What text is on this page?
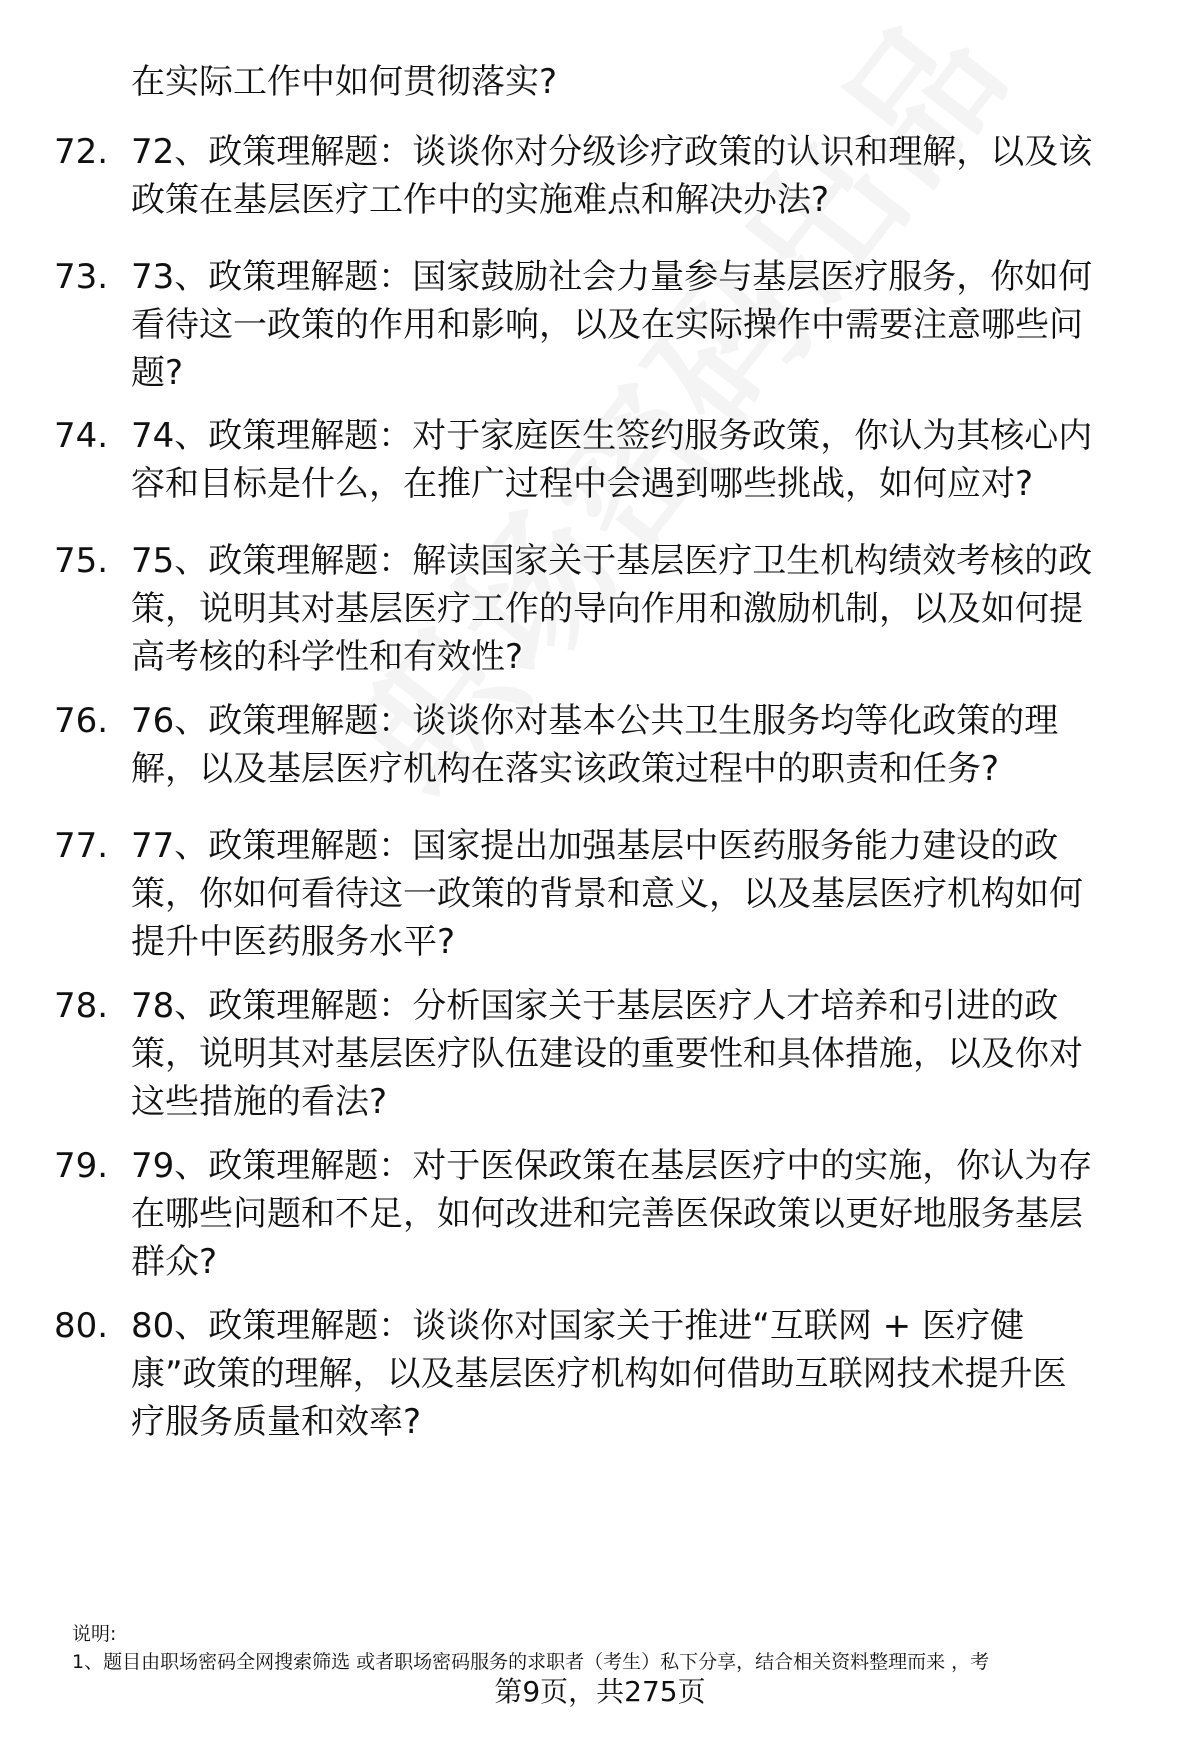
在实际工作中如何贯彻落实?
72. 72、政策理解题：谈谈你对分级诊疗政策的认识和理解，以及该
政策在基层医疗工作中的实施难点和解决办法?
73. 73、政策理解题：国家鼓励社会力量参与基层医疗服务，你如何
看待这一政策的作用和影响，以及在实际操作中需要注意哪些问
题?
74. 74、政策理解题：对于家庭医生签约服务政策，你认为其核心内
容和目标是什么，在推广过程中会遇到哪些挑战，如何应对?
75. 75、政策理解题：解读国家关于基层医疗卫生机构绩效考核的政
策，说明其对基层医疗工作的导向作用和激励机制，以及如何提
高考核的科学性和有效性?
76. 76、政策理解题：谈谈你对基本公共卫生服务均等化政策的理
解，以及基层医疗机构在落实该政策过程中的职责和任务?
77. 77、政策理解题：国家提出加强基层中医药服务能力建设的政
策，你如何看待这一政策的背景和意义，以及基层医疗机构如何
提升中医药服务水平?
78. 78、政策理解题：分析国家关于基层医疗人才培养和引进的政
策，说明其对基层医疗队伍建设的重要性和具体措施，以及你对
这些措施的看法?
79. 79、政策理解题：对于医保政策在基层医疗中的实施，你认为存
在哪些问题和不足，如何改进和完善医保政策以更好地服务基层
群众?
80. 80、政策理解题：谈谈你对国家关于推进“互联网 + 医疗健
康”政策的理解，以及基层医疗机构如何借助互联网技术提升医
疗服务质量和效率?
说明:
1、题目由职场密码全网搜索筛选 或者职场密码服务的求职者（考生）私下分享，结合相关资料整理而来 ，考
第9页，共275页
